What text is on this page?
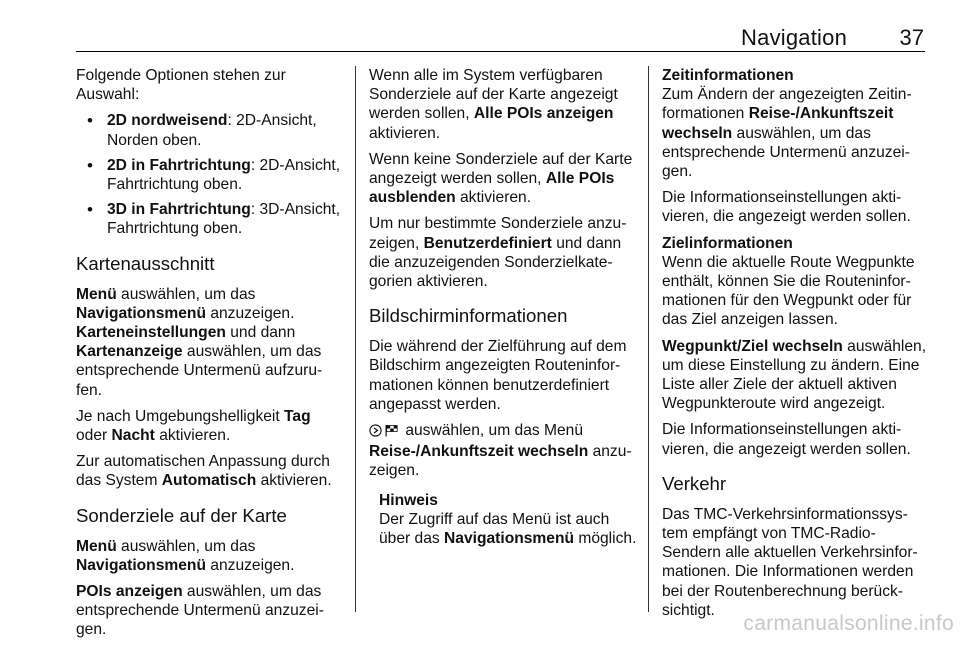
Navigation 37

Folgende Optionen stehen zur Auswahl:

• 2D nordweisend: 2D-Ansicht, Norden oben.
• 2D in Fahrtrichtung: 2D-Ansicht, Fahrtrichtung oben.
• 3D in Fahrtrichtung: 3D-Ansicht, Fahrtrichtung oben.
Kartenausschnitt

Menü auswählen, um das Navigationsmenü anzuzeigen. Karteneinstellungen und dann Kartenanzeige auswählen, um das entsprechende Untermenü aufzuru-fen.

Je nach Umgebungshelligkeit Tag oder Nacht aktivieren.

Zur automatischen Anpassung durch das System Automatisch aktivieren.

Sonderziele auf der Karte

Menü auswählen, um das Navigationsmenü anzuzeigen.

POIs anzeigen auswählen, um das entsprechende Untermenü anzuzei-gen.

Wenn alle im System verfügbaren Sonderziele auf der Karte angezeigt werden sollen, Alle POIs anzeigen aktivieren.

Wenn keine Sonderziele auf der Karte angezeigt werden sollen, Alle POIs ausblenden aktivieren.

Um nur bestimmte Sonderziele anzu-zeigen, Benutzerdefiniert und dann die anzuzeigenden Sonderzielkate-gorien aktivieren.

Bildschirminformationen

Die während der Zielführung auf dem Bildschirm angezeigten Routeninfor-mationen können benutzerdefiniert angepasst werden.

auswählen, um das Menü Reise-/Ankunftszeit wechseln anzu-zeigen.

Hinweis

Der Zugriff auf das Menü ist auch über das Navigationsmenü möglich.

Zeitinformationen

Zum Ändern der angezeigten Zeitin-formationen Reise-/Ankunftszeit wechseln auswählen, um das entsprechende Untermenü anzuzei-gen.

Die Informationseinstellungen akti-vieren, die angezeigt werden sollen.

Zielinformationen

Wenn die aktuelle Route Wegpunkte enthält, können Sie die Routeninfor-mationen für den Wegpunkt oder für das Ziel anzeigen lassen.

Wegpunkt/Ziel wechseln auswählen, um diese Einstellung zu ändern. Eine Liste aller Ziele der aktuell aktiven Wegpunkteroute wird angezeigt.

Die Informationseinstellungen akti-vieren, die angezeigt werden sollen.

Verkehr

Das TMC-Verkehrsinformationssys-tem empfängt von TMC-Radio-Sendern alle aktuellen Verkehrsinfor-mationen. Die Informationen werden bei der Routenberechnung berück-sichtigt.

carmanualsonline.info
